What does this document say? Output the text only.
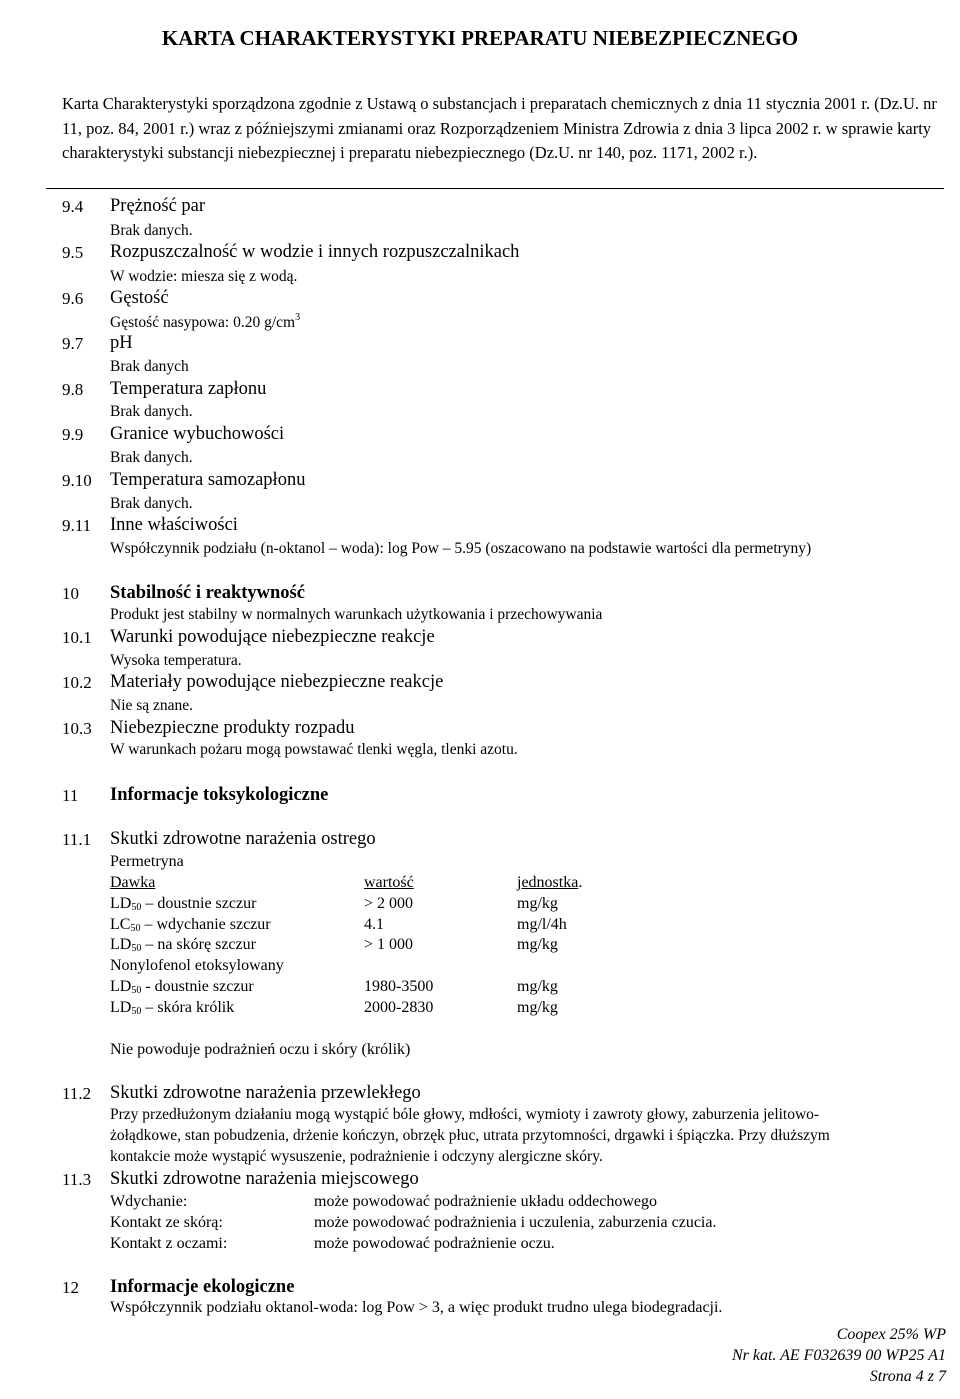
KARTA CHARAKTERYSTYKI PREPARATU NIEBEZPIECZNEGO
Karta Charakterystyki sporządzona zgodnie z Ustawą o substancjach i preparatach chemicznych z dnia 11 stycznia 2001 r. (Dz.U. nr 11, poz. 84, 2001 r.) wraz z późniejszymi zmianami oraz Rozporządzeniem Ministra Zdrowia z dnia 3 lipca 2002 r. w sprawie karty charakterystyki substancji niebezpiecznej i preparatu niebezpiecznego (Dz.U. nr 140, poz. 1171, 2002 r.).
9.4 Prężność par
Brak danych.
9.5 Rozpuszczalność w wodzie i innych rozpuszczalnikach
W wodzie: miesza się z wodą.
9.6 Gęstość
Gęstość nasypowa: 0.20 $g/cm^3$
9.7 pH
Brak danych
9.8 Temperatura zapłonu
Brak danych.
9.9 Granice wybuchowości
Brak danych.
9.10 Temperatura samozapłonu
Brak danych.
9.11 Inne właściwości
Współczynnik podziału (n-oktanol – woda): log Pow – 5.95 (oszacowano na podstawie wartości dla permetryny)
10 Stabilność i reaktywność
Produkt jest stabilny w normalnych warunkach użytkowania i przechowywania
10.1 Warunki powodujące niebezpieczne reakcje
Wysoka temperatura.
10.2 Materiały powodujące niebezpieczne reakcje
Nie są znane.
10.3 Niebezpieczne produkty rozpadu
W warunkach pożaru mogą powstawać tlenki węgla, tlenki azotu.
11 Informacje toksykologiczne
11.1 Skutki zdrowotne narażenia ostrego
Permetryna
Dawka	wartość	jednostka.
$LD_{50}$ – doustnie szczur	> 2 000	mg/kg
$LC_{50}$ – wdychanie szczur	4.1	mg/l/4h
$LD_{50}$ – na skórę szczur	> 1 000	mg/kg
Nonylofenol etoksylowany
$LD_{50}$ - doustnie szczur	1980-3500	mg/kg
$LD_{50}$ – skóra królik	2000-2830	mg/kg
Nie powoduje podrażnień oczu i skóry (królik)
11.2 Skutki zdrowotne narażenia przewlekłego
Przy przedłużonym działaniu mogą wystąpić bóle głowy, mdłości, wymioty i zawroty głowy, zaburzenia jelitowo-
żołądkowe, stan pobudzenia, drżenie kończyn, obrzęk płuc, utrata przytomności, drgawki i śpiączka. Przy dłuższym
kontakcie może wystąpić wysuszenie, podrażnienie i odczyny alergiczne skóry.
11.3 Skutki zdrowotne narażenia miejscowego
Wdychanie:	może powodować podrażnienie układu oddechowego
Kontakt ze skórą:	może powodować podrażnienia i uczulenia, zaburzenia czucia.
Kontakt z oczami:	może powodować podrażnienie oczu.
12 Informacje ekologiczne
Współczynnik podziału oktanol-woda: log Pow > 3, a więc produkt trudno ulega biodegradacji.
Coopex 25% WP
Nr kat. AE F032639 00 WP25 A1
Strona 4 z 7
